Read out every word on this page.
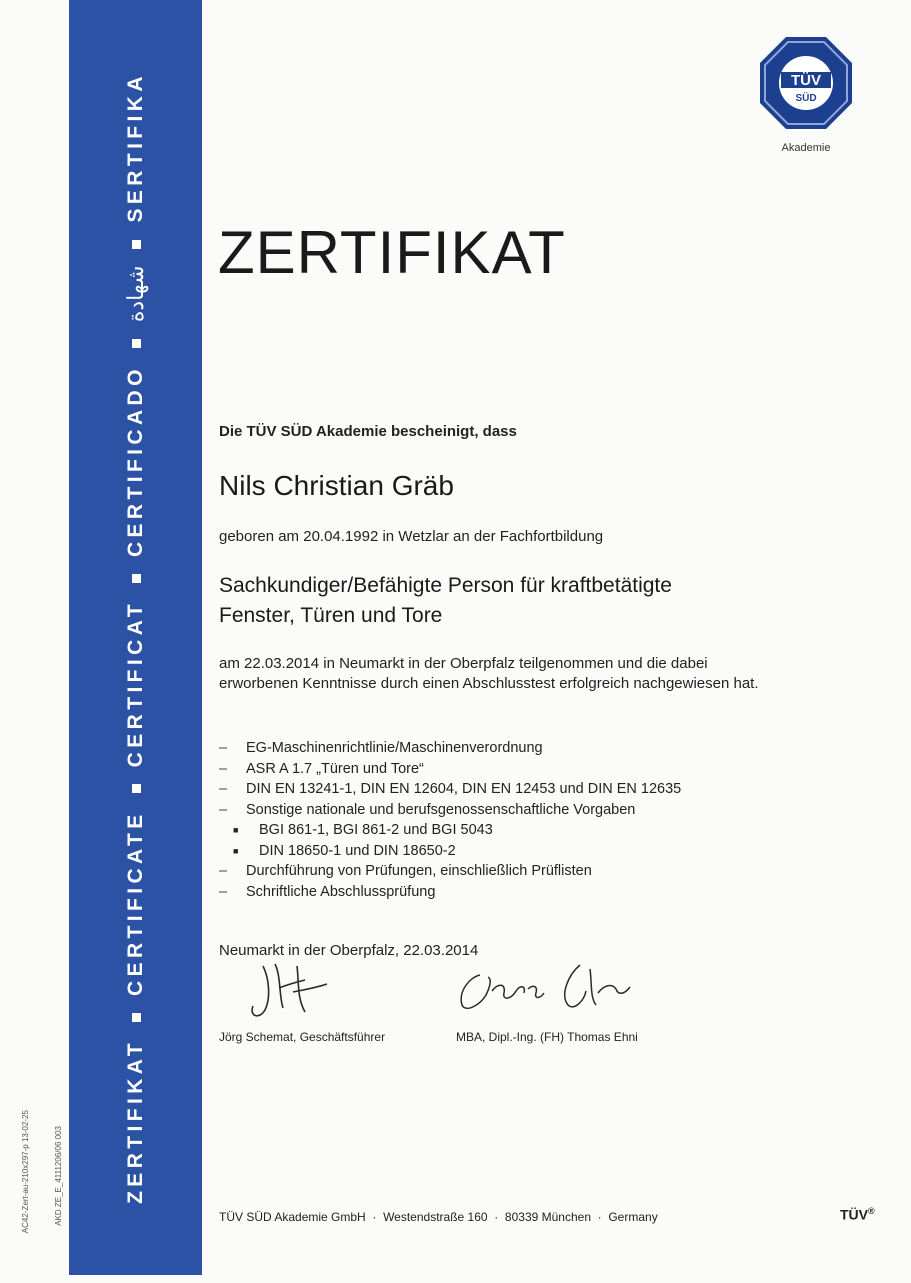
ZERTIFIKAT
CERTIFICATE
CERTIFICAT
CERTIFICADO
شهادة
SERTIFIKA
AC42-Zert-au-210x297-p 13-02-25	AKD ZE_E_4111206/06 003
TÜV
SÜD
Akademie
ZERTIFIKAT
Die TÜV SÜD Akademie bescheinigt, dass
Nils Christian Gräb
geboren am 20.04.1992 in Wetzlar an der Fachfortbildung
Sachkundiger/Befähigte Person für kraftbetätigte
Fenster, Türen und Tore
am 22.03.2014 in Neumarkt in der Oberpfalz teilgenommen und die dabei erworbenen Kenntnisse durch einen Abschlusstest erfolgreich nachgewiesen hat.
–	EG-Maschinenrichtlinie/Maschinenverordnung
–	ASR A 1.7 „Türen und Tore“
–	DIN EN 13241-1, DIN EN 12604, DIN EN 12453 und DIN EN 12635
–	Sonstige nationale und berufsgenossenschaftliche Vorgaben
■	BGI 861-1, BGI 861-2 und BGI 5043
■	DIN 18650-1 und DIN 18650-2
–	Durchführung von Prüfungen, einschließlich Prüflisten
–	Schriftliche Abschlussprüfung
Neumarkt in der Oberpfalz, 22.03.2014
Jörg Schemat, Geschäftsführer	MBA, Dipl.-Ing. (FH) Thomas Ehni
TÜV SÜD Akademie GmbH · Westendstraße 160 · 80339 München · Germany	TÜV®
